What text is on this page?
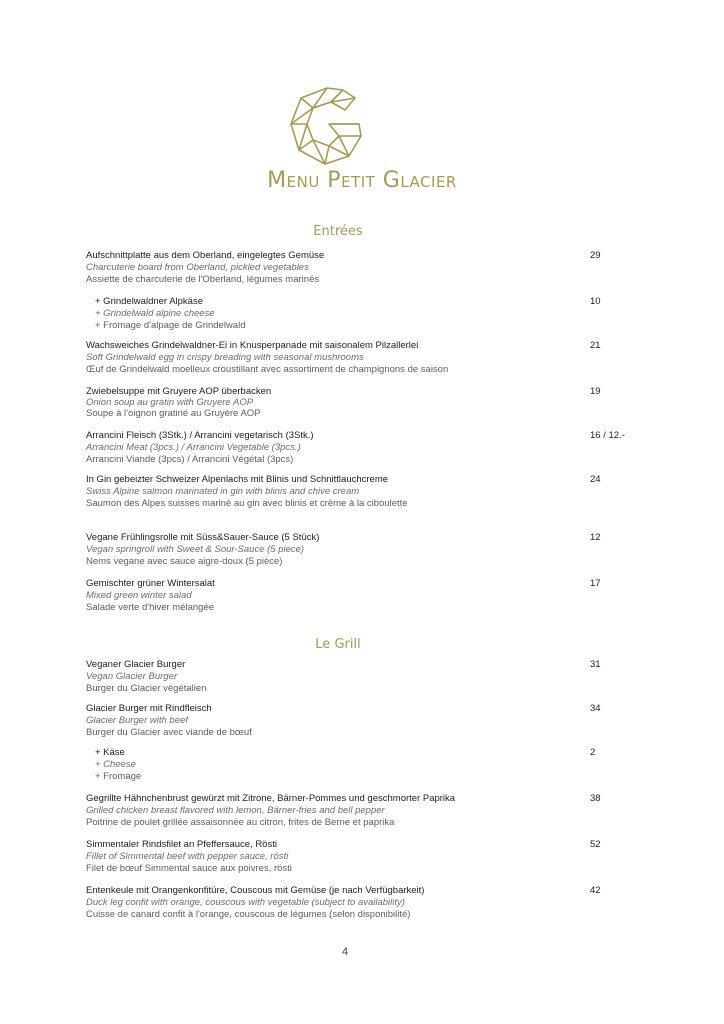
Menu Petit Glacier
Entrées
Aufschnittplatte aus dem Oberland, eingelegtes Gemüse
Charcuterie board from Oberland, pickled vegetables
Assiette de charcuterie de l'Oberland, légumes marinés
29
+ Grindelwaldner Alpkäse
+ Grindelwald alpine cheese
+ Fromage d'alpage de Grindelwald
10
Wachsweiches Grindelwaldner-Ei in Knusperpanade mit saisonalem Pilzallerlei
Soft Grindelwald egg in crispy breading with seasonal mushrooms
Œuf de Grindelwald moelleux croustillant avec assortiment de champignons de saison
21
Zwiebelsuppe mit Gruyere AOP überbacken
Onion soup au gratin with Gruyere AOP
Soupe à l'oignon gratiné au Gruyère AOP
19
Arrancini Fleisch (3Stk.) / Arrancini vegetarisch (3Stk.)
Arrancini Meat (3pcs.) / Arrancini Vegetable (3pcs.)
Arrancini Viande (3pcs) / Arrancini Végétal (3pcs)
16 / 12.-
In Gin gebeizter Schweizer Alpenlachs mit Blinis und Schnittlauchcreme
Swiss Alpine salmon marinated in gin with blinis and chive cream
Saumon des Alpes suisses mariné au gin avec blinis et crème à la ciboulette
24
Vegane Frühlingsrolle mit Süss&Sauer-Sauce (5 Stück)
Vegan springroll with Sweet & Sour-Sauce (5 piece)
Nems vegane avec sauce aigre-doux (5 pièce)
12
Gemischter grüner Wintersalat
Mixed green winter salad
Salade verte d'hiver mélangée
17
Le Grill
Veganer Glacier Burger
Vegan Glacier Burger
Burger du Glacier végétalien
31
Glacier Burger mit Rindfleisch
Glacier Burger with beef
Burger du Glacier avec viande de bœuf
34
+ Käse
+ Cheese
+ Fromage
2
Gegrillte Hähnchenbrust gewürzt mit Zitrone, Bärner-Pommes und geschmorter Paprika
Grilled chicken breast flavored with lemon, Bärner-fries and bell pepper
Poitrine de poulet grillée assaisonnée au citron, frites de Berne et paprika
38
Simmentaler Rindsfilet an Pfeffersauce, Rösti
Fillet of Simmental beef with pepper sauce, rösti
Filet de bœuf Simmental sauce aux poivres, rösti
52
Entenkeule mit Orangenkonfitüre, Couscous mit Gemüse (je nach Verfügbarkeit)
Duck leg confit with orange, couscous with vegetable (subject to availability)
Cuisse de canard confit à l'orange, couscous de légumes (selon disponibilité)
42
4
